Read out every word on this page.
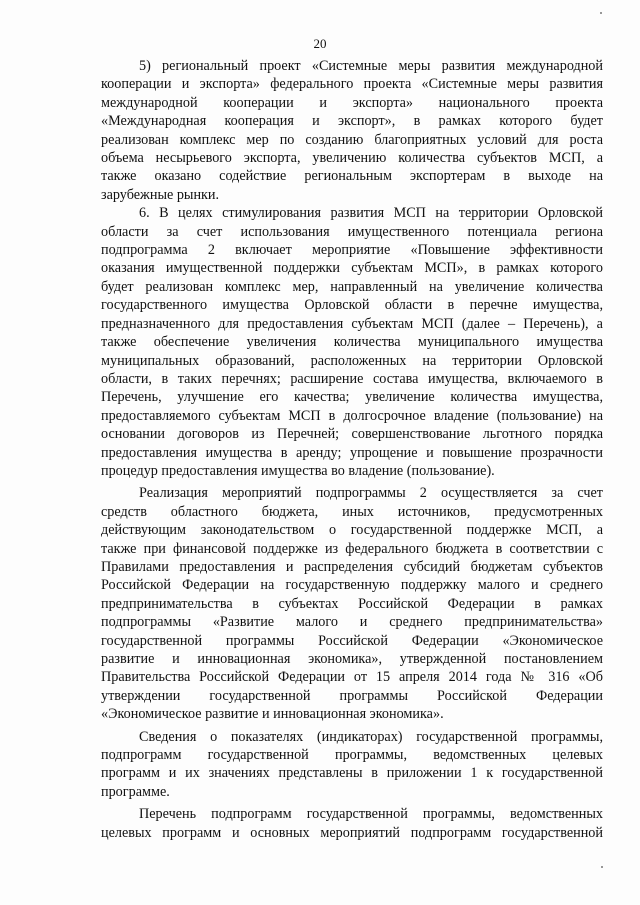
20
5) региональный проект «Системные меры развития международной
кооперации и экспорта» федерального проекта «Системные меры развития
международной кооперации и экспорта» национального проекта
«Международная кооперация и экспорт», в рамках которого будет
реализован комплекс мер по созданию благоприятных условий для роста
объема несырьевого экспорта, увеличению количества субъектов МСП, а
также оказано содействие региональным экспортерам в выходе на
зарубежные рынки.
6. В целях стимулирования развития МСП на территории Орловской
области за счет использования имущественного потенциала региона
подпрограмма 2 включает мероприятие «Повышение эффективности
оказания имущественной поддержки субъектам МСП», в рамках которого
будет реализован комплекс мер, направленный на увеличение количества
государственного имущества Орловской области в перечне имущества,
предназначенного для предоставления субъектам МСП (далее – Перечень), а
также обеспечение увеличения количества муниципального имущества
муниципальных образований, расположенных на территории Орловской
области, в таких перечнях; расширение состава имущества, включаемого в
Перечень, улучшение его качества; увеличение количества имущества,
предоставляемого субъектам МСП в долгосрочное владение (пользование) на
основании договоров из Перечней; совершенствование льготного порядка
предоставления имущества в аренду; упрощение и повышение прозрачности
процедур предоставления имущества во владение (пользование).
Реализация мероприятий подпрограммы 2 осуществляется за счет
средств областного бюджета, иных источников, предусмотренных
действующим законодательством о государственной поддержке МСП, а
также при финансовой поддержке из федерального бюджета в соответствии с
Правилами предоставления и распределения субсидий бюджетам субъектов
Российской Федерации на государственную поддержку малого и среднего
предпринимательства в субъектах Российской Федерации в рамках
подпрограммы «Развитие малого и среднего предпринимательства»
государственной программы Российской Федерации «Экономическое
развитие и инновационная экономика», утвержденной постановлением
Правительства Российской Федерации от 15 апреля 2014 года № 316 «Об
утверждении государственной программы Российской Федерации
«Экономическое развитие и инновационная экономика».
Сведения о показателях (индикаторах) государственной программы,
подпрограмм государственной программы, ведомственных целевых
программ и их значениях представлены в приложении 1 к государственной
программе.
Перечень подпрограмм государственной программы, ведомственных
целевых программ и основных мероприятий подпрограмм государственной
